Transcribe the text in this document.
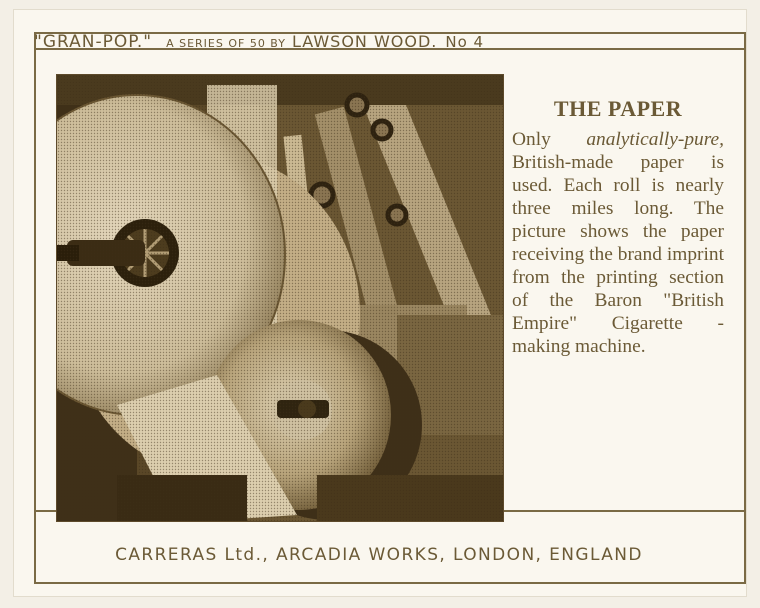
"GRAN-POP." A SERIES OF 50 BY LAWSON WOOD. No 4
THE PAPER

Only analytically-pure, British-made paper is used. Each roll is nearly three miles long. The picture shows the paper receiving the brand imprint from the printing section of the Baron "British Empire" Cigarette - making machine.

CARRERAS Ltd., ARCADIA WORKS, LONDON, ENGLAND
